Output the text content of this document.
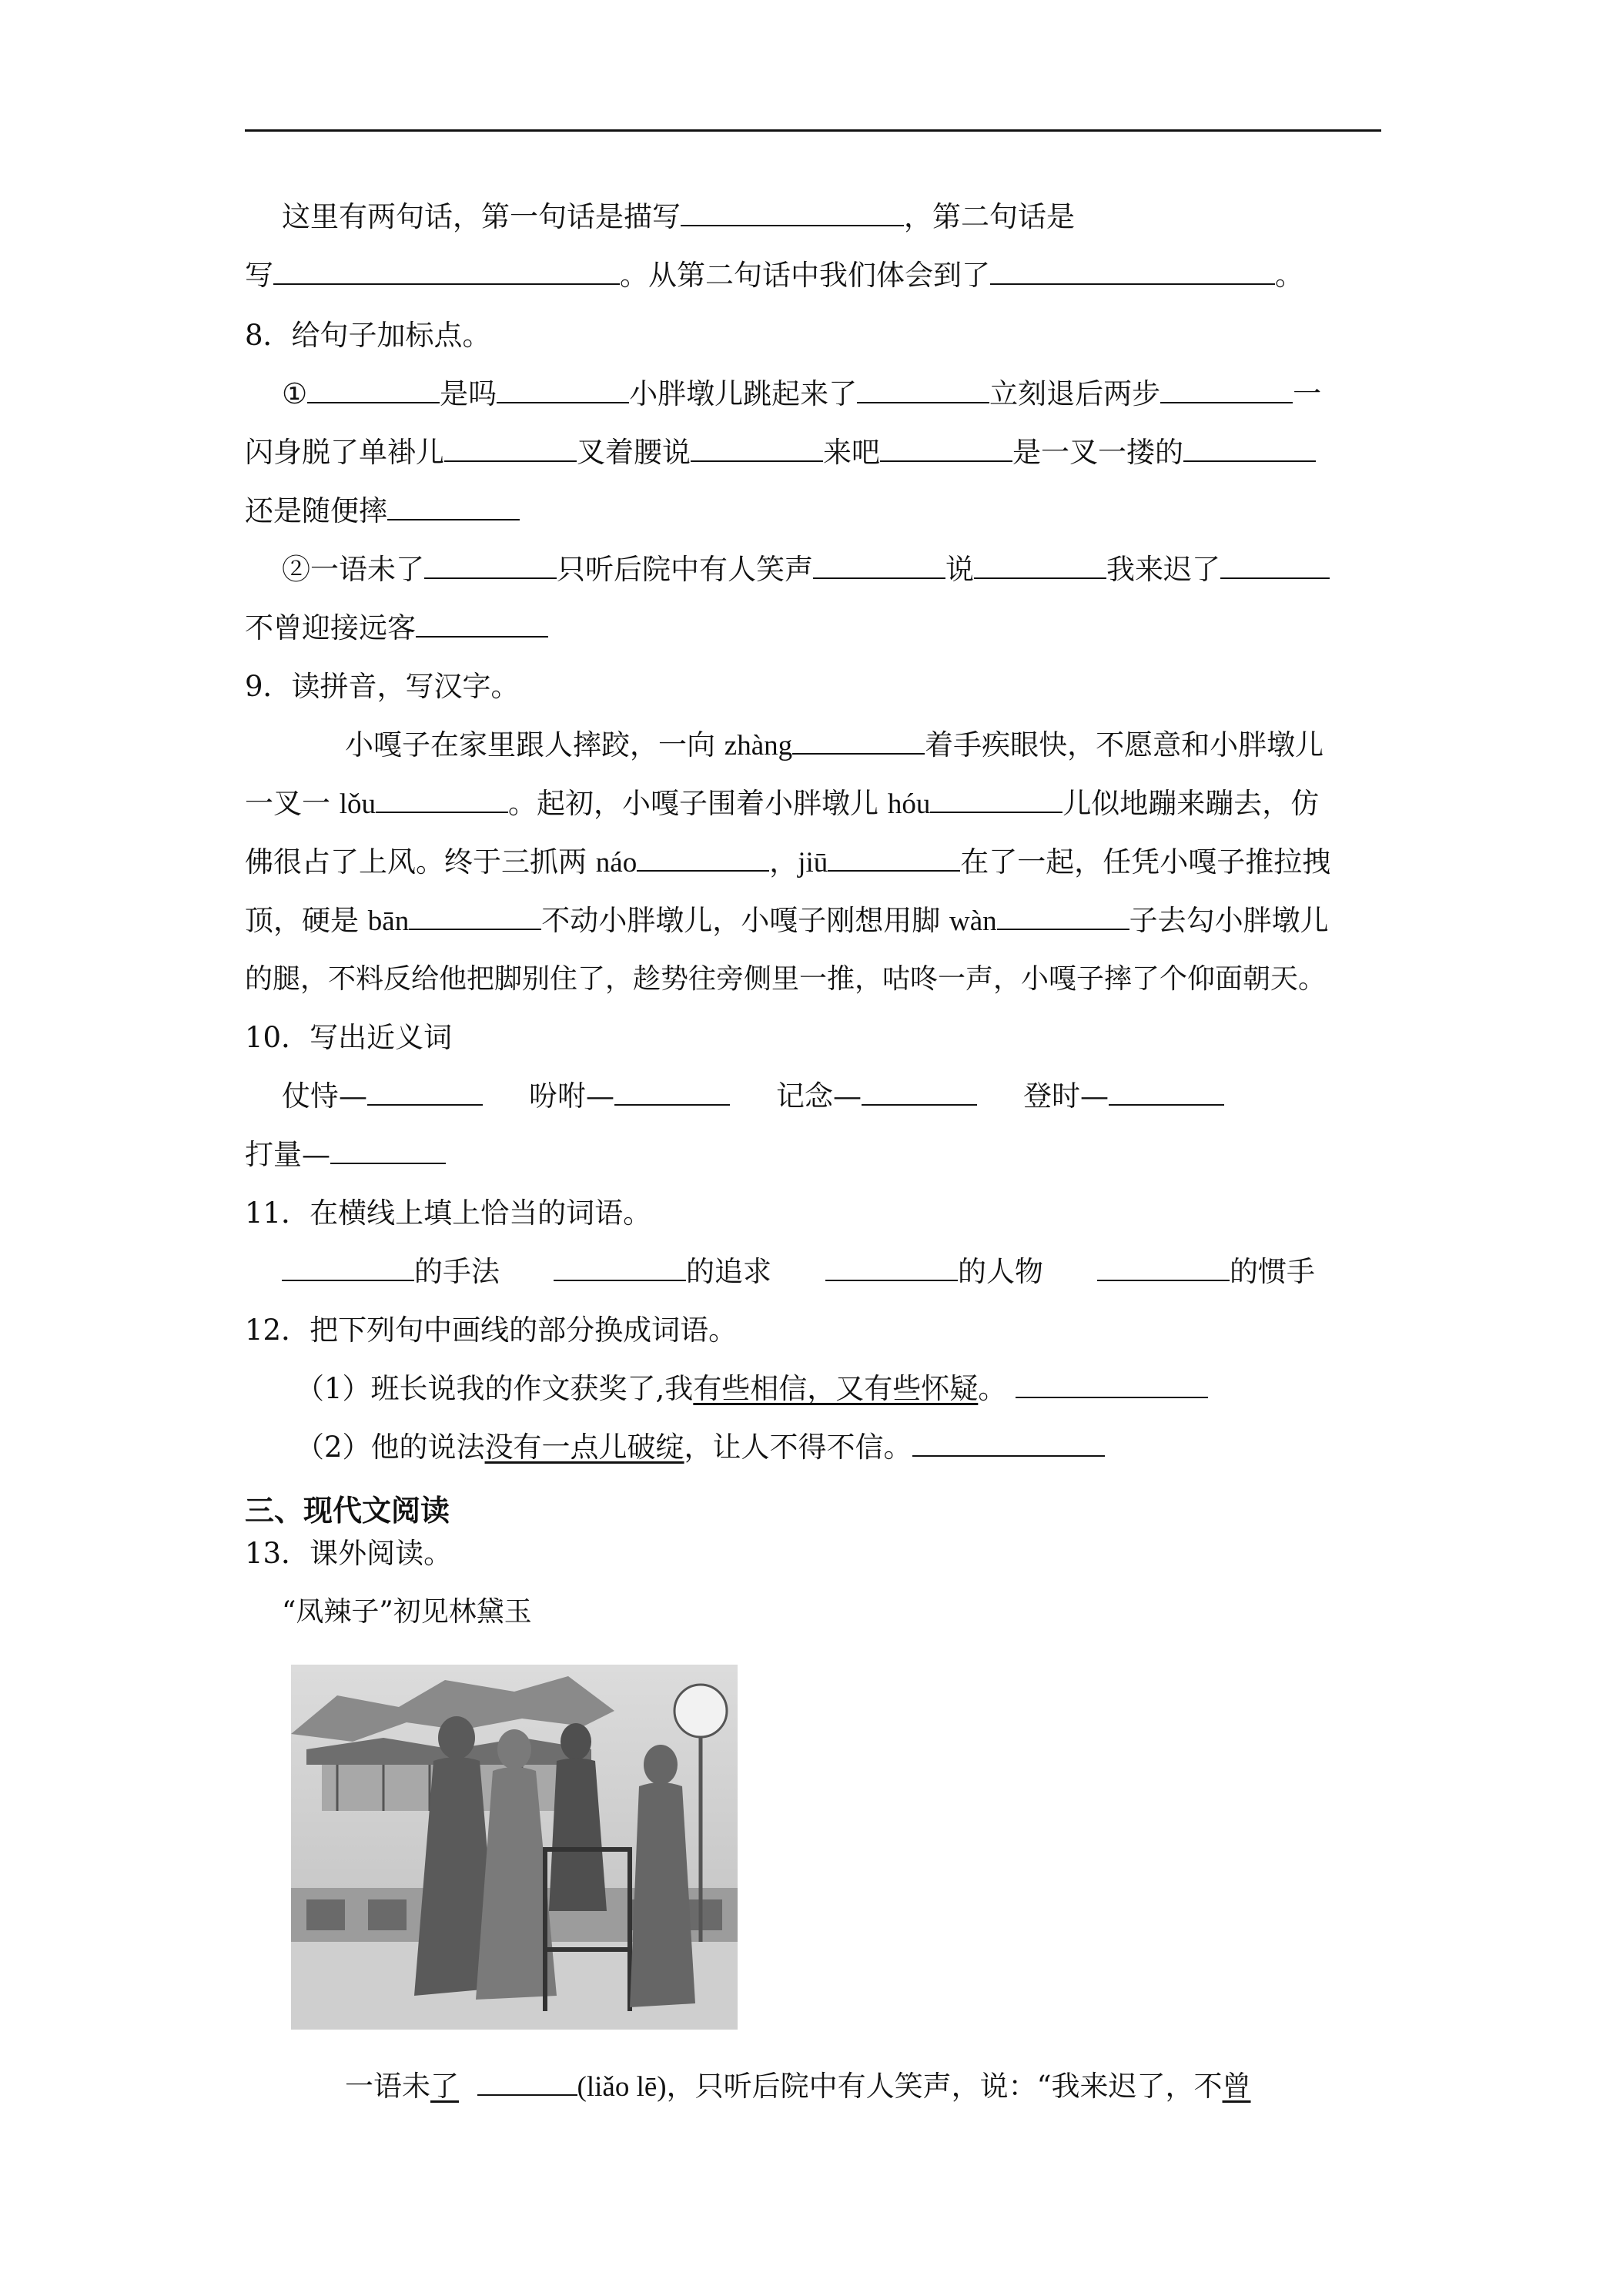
这里有两句话，第一句话是描写	，第二句话是
写	。从第二句话中我们体会到了	。
8．给句子加标点。
①	是吗	小胖墩儿跳起来了	立刻退后两步	一
闪身脱了单褂儿	叉着腰说	来吧	是一叉一搂的
还是随便摔
②一语未了	只听后院中有人笑声	说	我来迟了
不曾迎接远客
9．读拼音，写汉字。
小嘎子在家里跟人摔跤，一向 zhàng	着手疾眼快，不愿意和小胖墩儿
一叉一 lǒu	。起初，小嘎子围着小胖墩儿 hóu	儿似地蹦来蹦去，仿
佛很占了上风。终于三抓两 náo	，jiū	在了一起，任凭小嘎子推拉拽
顶，硬是 bān	不动小胖墩儿，小嘎子刚想用脚 wàn	子去勾小胖墩儿
的腿，不料反给他把脚别住了，趁势往旁侧里一推，咕咚一声，小嘎子摔了个仰面朝天。
10．写出近义词
仗恃—	吩咐—	记念—	登时—
打量—
11．在横线上填上恰当的词语。
的手法	的追求	的人物	的惯手
12．把下列句中画线的部分换成词语。
（1）班长说我的作文获奖了,我有些相信，又有些怀疑。
（2）他的说法没有一点儿破绽，让人不得不信。
三、现代文阅读
13．课外阅读。
“凤辣子”初见林黛玉
一语未了	(liǎo lē)，只听后院中有人笑声，说：“我来迟了，不曾
